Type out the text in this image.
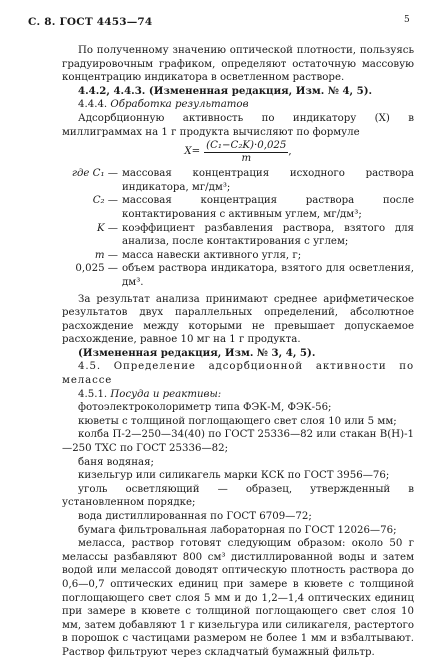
С. 8. ГОСТ 4453—74	5

По полученному значению оптической плотности, пользуясь градуировочным графиком, определяют остаточную массовую концентрацию индикатора в осветленном растворе.

4.4.2, 4.4.3. (Измененная редакция, Изм. № 4, 5).

4.4.4. Обработка результатов

Адсорбционную активность по индикатору (X) в миллиграммах на 1 г продукта вычисляют по формуле

$X= \frac{\text{(C₁−C₂K)·0,025}}{m}$ ,
где C₁ — массовая концентрация исходного раствора индикатора, мг/дм³;
C₂ — массовая концентрация раствора после контактирования с активным углем, мг/дм³;
K — коэффициент разбавления раствора, взятого для анализа, после контактирования с углем;
m — масса навески активного угля, г;
0,025 — объем раствора индикатора, взятого для осветления, дм³.

За результат анализа принимают среднее арифметическое результатов двух параллельных определений, абсолютное расхождение между которыми не превышает допускаемое расхождение, равное 10 мг на 1 г продукта.

(Измененная редакция, Изм. № 3, 4, 5).

4.5. Определение адсорбционной активности по мелассе

4.5.1. Посуда и реактивы:

фотоэлектроколориметр типа ФЭК-М, ФЭК-56;

кюветы с толщиной поглощающего свет слоя 10 или 5 мм;

колба П-2—250—34(40) по ГОСТ 25336—82 или стакан В(Н)-1—250 ТХС по ГОСТ 25336—82;

баня водяная;

кизельгур или силикагель марки КСК по ГОСТ 3956—76;

уголь осветляющий — образец, утвержденный в установленном порядке;

вода дистиллированная по ГОСТ 6709—72;

бумага фильтровальная лабораторная по ГОСТ 12026—76;

меласса, раствор готовят следующим образом: около 50 г мелассы разбавляют 800 см³ дистиллированной воды и затем водой или мелассой доводят оптическую плотность раствора до 0,6—0,7 оптических единиц при замере в кювете с толщиной поглощающего свет слоя 5 мм и до 1,2—1,4 оптических единиц при замере в кювете с толщиной поглощающего свет слоя 10 мм, затем добавляют 1 г кизельгура или силикагеля, растертого в порошок с частицами размером не более 1 мм и взбалтывают. Раствор фильтруют через складчатый бумажный фильтр.
